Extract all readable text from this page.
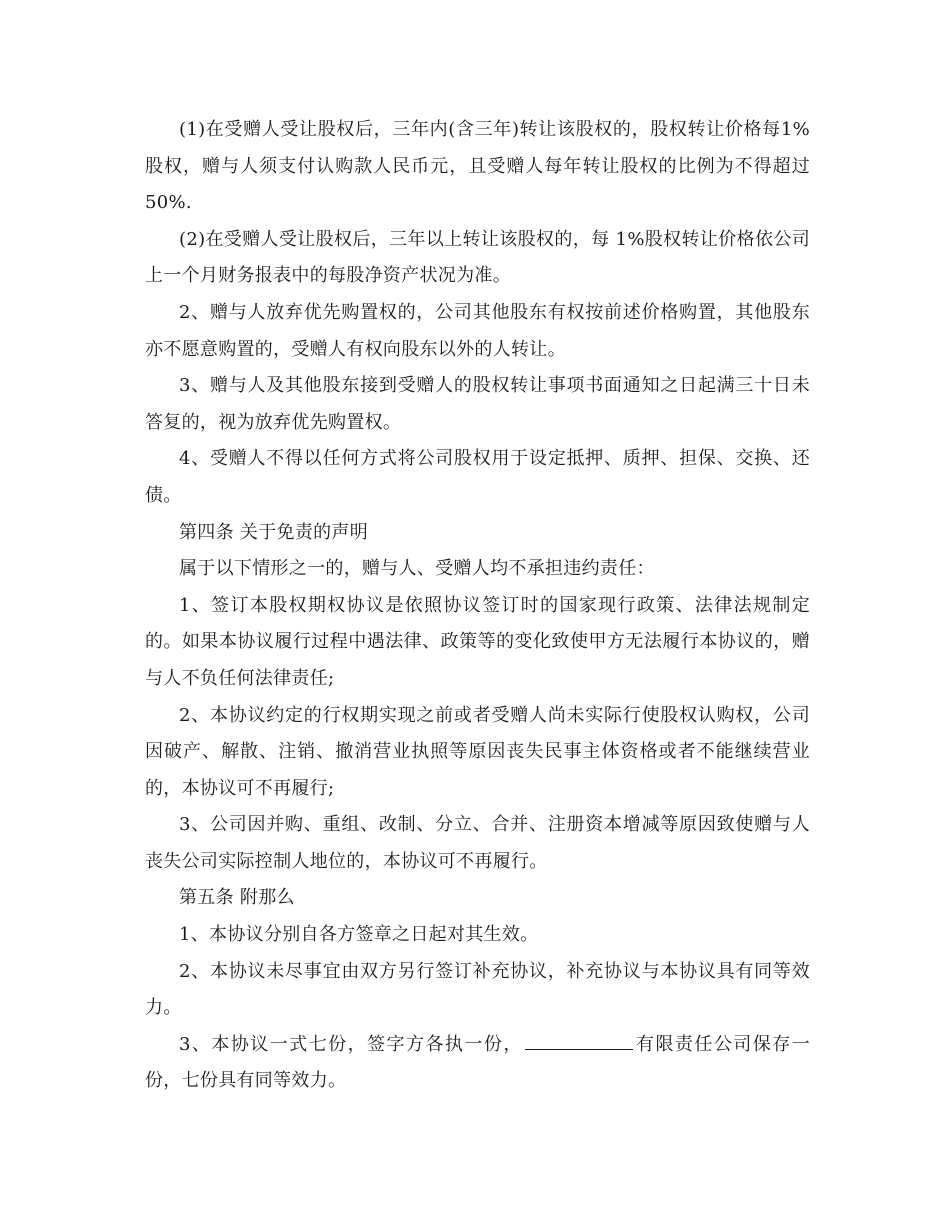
(1)在受赠人受让股权后，三年内(含三年)转让该股权的，股权转让价格每1%股权，赠与人须支付认购款人民币元，且受赠人每年转让股权的比例为不得超过 50%.

(2)在受赠人受让股权后，三年以上转让该股权的，每 1%股权转让价格依公司上一个月财务报表中的每股净资产状况为准。

2、赠与人放弃优先购置权的，公司其他股东有权按前述价格购置，其他股东亦不愿意购置的，受赠人有权向股东以外的人转让。

3、赠与人及其他股东接到受赠人的股权转让事项书面通知之日起满三十日未答复的，视为放弃优先购置权。

4、受赠人不得以任何方式将公司股权用于设定抵押、质押、担保、交换、还债。

第四条 关于免责的声明

属于以下情形之一的，赠与人、受赠人均不承担违约责任：

1、签订本股权期权协议是依照协议签订时的国家现行政策、法律法规制定的。如果本协议履行过程中遇法律、政策等的变化致使甲方无法履行本协议的，赠与人不负任何法律责任;

2、本协议约定的行权期实现之前或者受赠人尚未实际行使股权认购权，公司因破产、解散、注销、撤消营业执照等原因丧失民事主体资格或者不能继续营业的，本协议可不再履行;

3、公司因并购、重组、改制、分立、合并、注册资本增减等原因致使赠与人丧失公司实际控制人地位的，本协议可不再履行。

第五条 附那么

1、本协议分别自各方签章之日起对其生效。

2、本协议未尽事宜由双方另行签订补充协议，补充协议与本协议具有同等效力。

3、本协议一式七份，签字方各执一份，	有限责任公司保存一份，七份具有同等效力。
